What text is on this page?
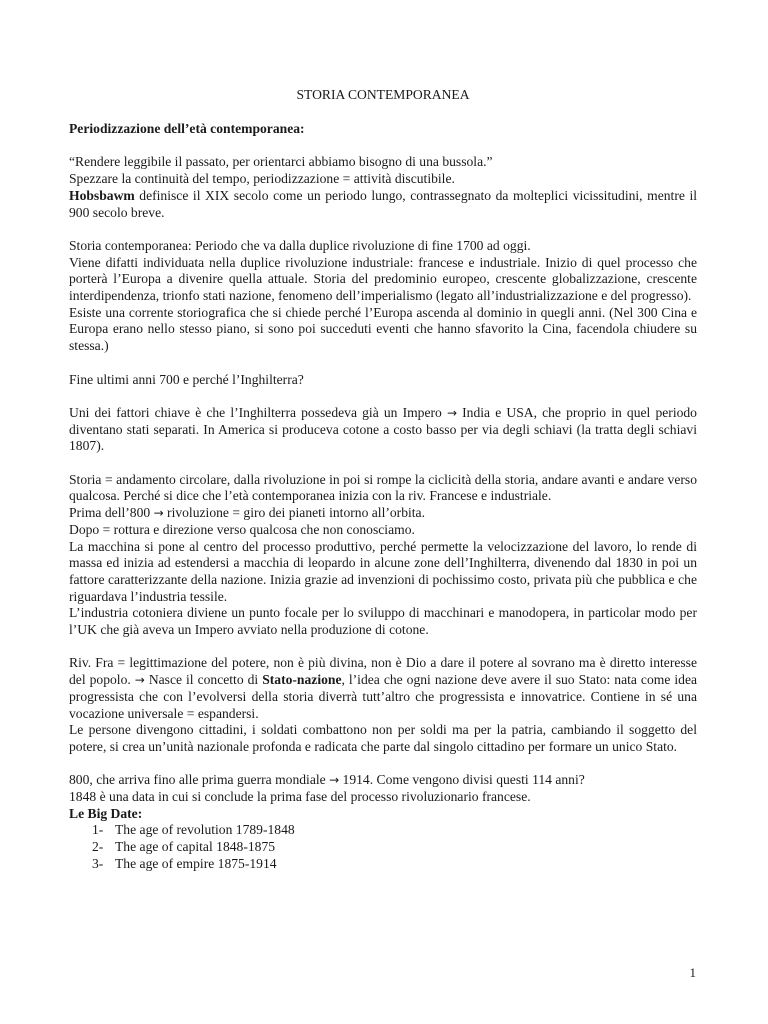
STORIA CONTEMPORANEA
Periodizzazione dell’età contemporanea:

“Rendere leggibile il passato, per orientarci abbiamo bisogno di una bussola.”

Spezzare la continuità del tempo, periodizzazione = attività discutibile.

Hobsbawm definisce il XIX secolo come un periodo lungo, contrassegnato da molteplici vicissitudini, mentre il 900 secolo breve.

Storia contemporanea: Periodo che va dalla duplice rivoluzione di fine 1700 ad oggi.

Viene difatti individuata nella duplice rivoluzione industriale: francese e industriale. Inizio di quel processo che porterà l’Europa a divenire quella attuale. Storia del predominio europeo, crescente globalizzazione, crescente interdipendenza, trionfo stati nazione, fenomeno dell’imperialismo (legato all’industrializzazione e del progresso).

Esiste una corrente storiografica che si chiede perché l’Europa ascenda al dominio in quegli anni. (Nel 300 Cina e Europa erano nello stesso piano, si sono poi succeduti eventi che hanno sfavorito la Cina, facendola chiudere su stessa.)

Fine ultimi anni 700 e perché l’Inghilterra?

Uni dei fattori chiave è che l’Inghilterra possedeva già un Impero → India e USA, che proprio in quel periodo diventano stati separati. In America si produceva cotone a costo basso per via degli schiavi (la tratta degli schiavi 1807).

Storia = andamento circolare, dalla rivoluzione in poi si rompe la ciclicità della storia, andare avanti e andare verso qualcosa. Perché si dice che l’età contemporanea inizia con la riv. Francese e industriale.

Prima dell’800 → rivoluzione = giro dei pianeti intorno all’orbita.

Dopo = rottura e direzione verso qualcosa che non conosciamo.

La macchina si pone al centro del processo produttivo, perché permette la velocizzazione del lavoro, lo rende di massa ed inizia ad estendersi a macchia di leopardo in alcune zone dell’Inghilterra, divenendo dal 1830 in poi un fattore caratterizzante della nazione. Inizia grazie ad invenzioni di pochissimo costo, privata più che pubblica e che riguardava l’industria tessile.

L’industria cotoniera diviene un punto focale per lo sviluppo di macchinari e manodopera, in particolar modo per l’UK che già aveva un Impero avviato nella produzione di cotone.

Riv. Fra = legittimazione del potere, non è più divina, non è Dio a dare il potere al sovrano ma è diretto interesse del popolo. → Nasce il concetto di Stato-nazione, l’idea che ogni nazione deve avere il suo Stato: nata come idea progressista che con l’evolversi della storia diverrà tutt’altro che progressista e innovatrice. Contiene in sé una vocazione universale = espandersi.

Le persone divengono cittadini, i soldati combattono non per soldi ma per la patria, cambiando il soggetto del potere, si crea un’unità nazionale profonda e radicata che parte dal singolo cittadino per formare un unico Stato.

800, che arriva fino alle prima guerra mondiale → 1914. Come vengono divisi questi 114 anni?

1848 è una data in cui si conclude la prima fase del processo rivoluzionario francese.

Le Big Date:

1- The age of revolution 1789-1848
2- The age of capital 1848-1875
3- The age of empire 1875-1914
1
